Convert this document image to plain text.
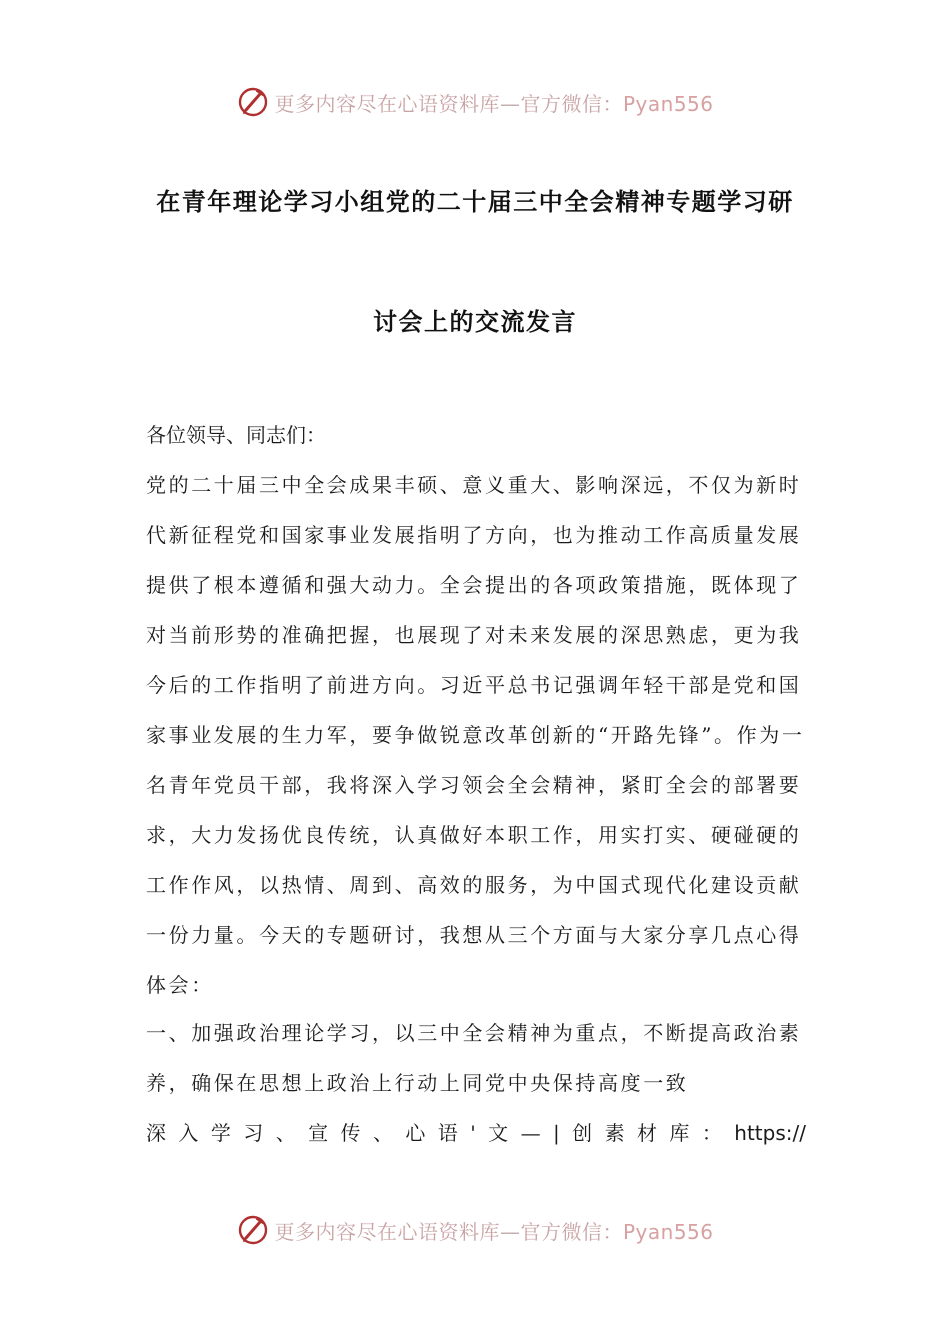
更多内容尽在心语资料库—官方微信：Pyan556
在青年理论学习小组党的二十届三中全会精神专题学习研
讨会上的交流发言
各位领导、同志们：
党的二十届三中全会成果丰硕、意义重大、影响深远，不仅为新时代新征程党和国家事业发展指明了方向，也为推动工作高质量发展提供了根本遵循和强大动力。全会提出的各项政策措施，既体现了对当前形势的准确把握，也展现了对未来发展的深思熟虑，更为我今后的工作指明了前进方向。习近平总书记强调年轻干部是党和国家事业发展的生力军，要争做锐意改革创新的“开路先锋”。作为一名青年党员干部，我将深入学习领会全会精神，紧盯全会的部署要求，大力发扬优良传统，认真做好本职工作，用实打实、硬碰硬的工作作风，以热情、周到、高效的服务，为中国式现代化建设贡献一份力量。今天的专题研讨，我想从三个方面与大家分享几点心得体会：
一、加强政治理论学习，以三中全会精神为重点，不断提高政治素养，确保在思想上政治上行动上同党中央保持高度一致
深 入 学 习 、 宣 传 、 心 语 ' 文 — | 创 素 材 库 ： https://
更多内容尽在心语资料库—官方微信：Pyan556
